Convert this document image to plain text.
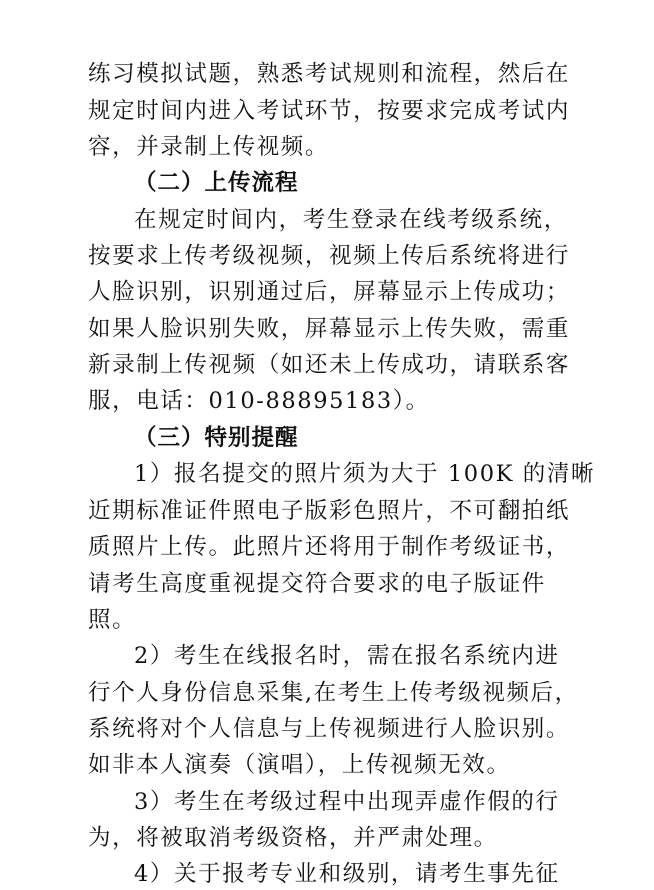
练习模拟试题，熟悉考试规则和流程，然后在
规定时间内进入考试环节，按要求完成考试内
容，并录制上传视频。
（二）上传流程
在规定时间内，考生登录在线考级系统，
按要求上传考级视频，视频上传后系统将进行
人脸识别，识别通过后，屏幕显示上传成功；
如果人脸识别失败，屏幕显示上传失败，需重
新录制上传视频（如还未上传成功，请联系客
服，电话：010-88895183）。
（三）特别提醒
1）报名提交的照片须为大于 100K 的清晰
近期标准证件照电子版彩色照片，不可翻拍纸
质照片上传。此照片还将用于制作考级证书，
请考生高度重视提交符合要求的电子版证件
照。
2）考生在线报名时，需在报名系统内进
行个人身份信息采集,在考生上传考级视频后，
系统将对个人信息与上传视频进行人脸识别。
如非本人演奏（演唱），上传视频无效。
3）考生在考级过程中出现弄虚作假的行
为，将被取消考级资格，并严肃处理。
4）关于报考专业和级别，请考生事先征
